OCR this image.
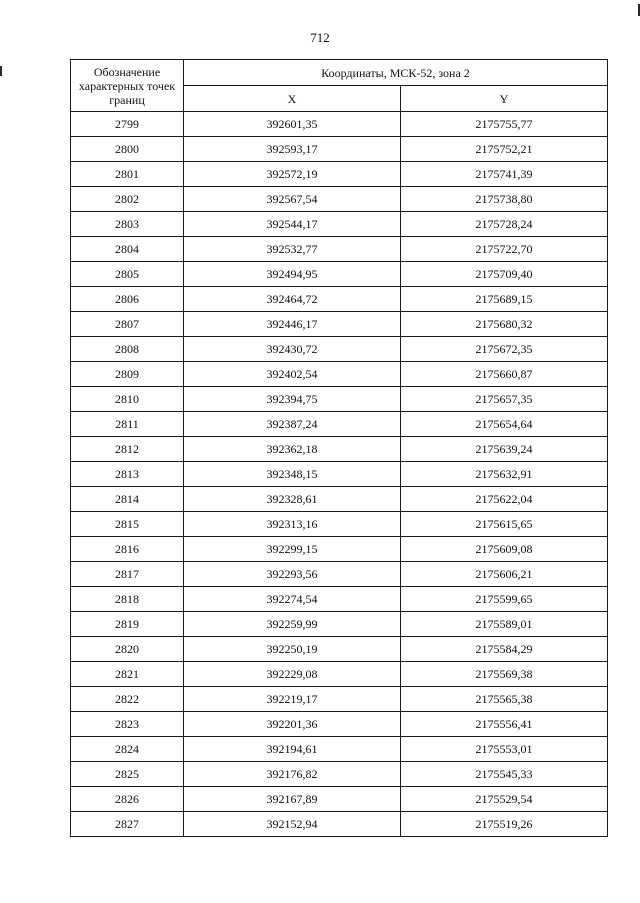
712
Обозначение характерных точек границ	Координаты, МСК-52, зона 2	
	X	Y
2799	392601,35	2175755,77
2800	392593,17	2175752,21
2801	392572,19	2175741,39
2802	392567,54	2175738,80
2803	392544,17	2175728,24
2804	392532,77	2175722,70
2805	392494,95	2175709,40
2806	392464,72	2175689,15
2807	392446,17	2175680,32
2808	392430,72	2175672,35
2809	392402,54	2175660,87
2810	392394,75	2175657,35
2811	392387,24	2175654,64
2812	392362,18	2175639,24
2813	392348,15	2175632,91
2814	392328,61	2175622,04
2815	392313,16	2175615,65
2816	392299,15	2175609,08
2817	392293,56	2175606,21
2818	392274,54	2175599,65
2819	392259,99	2175589,01
2820	392250,19	2175584,29
2821	392229,08	2175569,38
2822	392219,17	2175565,38
2823	392201,36	2175556,41
2824	392194,61	2175553,01
2825	392176,82	2175545,33
2826	392167,89	2175529,54
2827	392152,94	2175519,26
